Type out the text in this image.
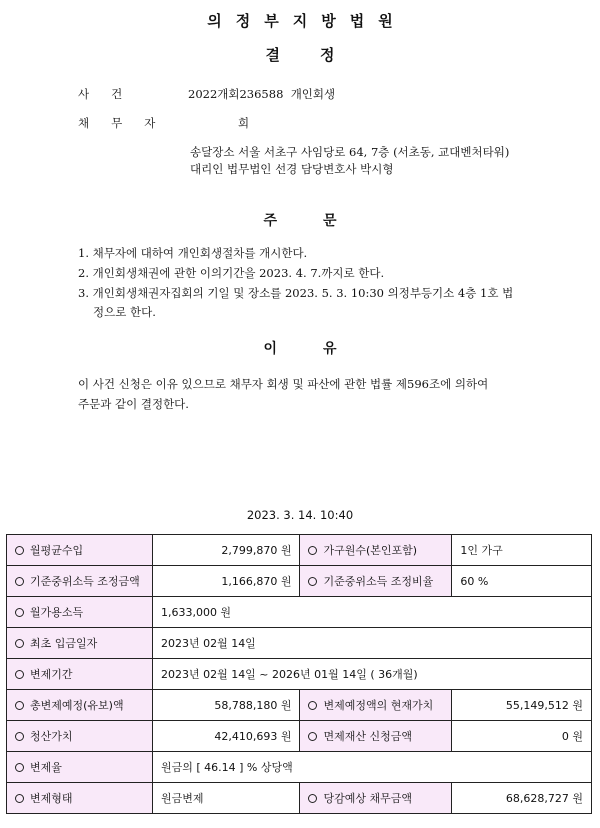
의정부지방법원
결정
사건	2022개회236588 개인회생
채무자	희
송달장소 서울 서초구 사임당로 64, 7층 (서초동, 교대벤처타워)
대리인 법무법인 선경 담당변호사 박시형
주문
1. 채무자에 대하여 개인회생절차를 개시한다.
2. 개인회생채권에 관한 이의기간을 2023. 4. 7.까지로 한다.
3. 개인회생채권자집회의 기일 및 장소를 2023. 5. 3. 10:30 의정부등기소 4층 1호 법
정으로 한다.
이유
이 사건 신청은 이유 있으므로 채무자 회생 및 파산에 관한 법률 제596조에 의하여
주문과 같이 결정한다.
2023. 3. 14. 10:40
월평균수입	2,799,870 원	가구원수(본인포함)	1인 가구
기준중위소득 조정금액	1,166,870 원	기준중위소득 조정비율	60 %
월가용소득	1,633,000 원		
최초 입금일자	2023년 02월 14일		
변제기간	2023년 02월 14일 ~ 2026년 01월 14일 ( 36개월)		
총변제예정(유보)액	58,788,180 원	변제예정액의 현재가치	55,149,512 원
청산가치	42,410,693 원	면제재산 신청금액	0 원
변제율	원금의 [ 46.14 ] % 상당액		
변제형태	원금변제	당감예상 채무금액	68,628,727 원
